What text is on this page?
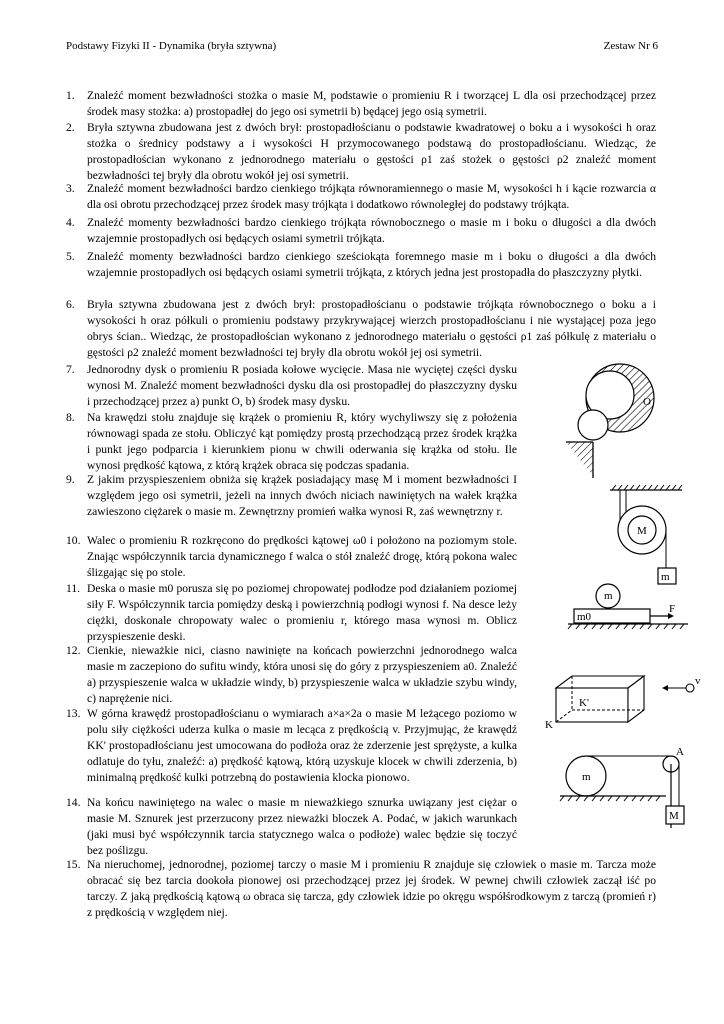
Podstawy Fizyki II - Dynamika (bryła sztywna)	Zestaw Nr 6
1. Znaleźć moment bezwładności stożka o masie M, podstawie o promieniu R i tworzącej L dla osi przechodzącej przez środek masy stożka: a) prostopadłej do jego osi symetrii b) będącej jego osią symetrii.
2. Bryła sztywna zbudowana jest z dwóch brył: prostopadłościanu o podstawie kwadratowej o boku a i wysokości h oraz stożka o średnicy podstawy a i wysokości H przymocowanego podstawą do prostopadłościanu. Wiedząc, że prostopadłościan wykonano z jednorodnego materiału o gęstości ρ1 zaś stożek o gęstości ρ2 znaleźć moment bezwładności tej bryły dla obrotu wokół jej osi symetrii.
3. Znaleźć moment bezwładności bardzo cienkiego trójkąta równoramiennego o masie M, wysokości h i kącie rozwarcia α dla osi obrotu przechodzącej przez środek masy trójkąta i dodatkowo równoległej do podstawy trójkąta.
4. Znaleźć momenty bezwładności bardzo cienkiego trójkąta równobocznego o masie m i boku o długości a dla dwóch wzajemnie prostopadłych osi będących osiami symetrii trójkąta.
5. Znaleźć momenty bezwładności bardzo cienkiego sześciokąta foremnego masie m i boku o długości a dla dwóch wzajemnie prostopadłych osi będących osiami symetrii trójkąta, z których jedna jest prostopadła do płaszczyzny płytki.
6. Bryła sztywna zbudowana jest z dwóch brył: prostopadłościanu o podstawie trójkąta równobocznego o boku a i wysokości h oraz półkuli o promieniu podstawy przykrywającej wierzch prostopadłościanu i nie wystającej poza jego obrys ścian.. Wiedząc, że prostopadłościan wykonano z jednorodnego materiału o gęstości ρ1 zaś półkulę z materiału o gęstości ρ2 znaleźć moment bezwładności tej bryły dla obrotu wokół jej osi symetrii.
7. Jednorodny dysk o promieniu R posiada kołowe wycięcie. Masa nie wyciętej części dysku wynosi M. Znaleźć moment bezwładności dysku dla osi prostopadłej do płaszczyzny dysku i przechodzącej przez a) punkt O, b) środek masy dysku.
8. Na krawędzi stołu znajduje się krążek o promieniu R, który wychyliwszy się z położenia równowagi spada ze stołu. Obliczyć kąt pomiędzy prostą przechodzącą przez środek krążka i punkt jego podparcia i kierunkiem pionu w chwili oderwania się krążka od stołu. Ile wynosi prędkość kątowa, z którą krążek obraca się podczas spadania.
9. Z jakim przyspieszeniem obniża się krążek posiadający masę M i moment bezwładności I względem jego osi symetrii, jeżeli na innych dwóch niciach nawiniętych na wałek krążka zawieszono ciężarek o masie m. Zewnętrzny promień wałka wynosi R, zaś wewnętrzny r.
10. Walec o promieniu R rozkręcono do prędkości kątowej ω0 i położono na poziomym stole. Znając współczynnik tarcia dynamicznego f walca o stół znaleźć drogę, którą pokona walec ślizgając się po stole.
11. Deska o masie m0 porusza się po poziomej chropowatej podłodze pod działaniem poziomej siły F. Współczynnik tarcia pomiędzy deską i powierzchnią podłogi wynosi f. Na desce leży ciężki, doskonale chropowaty walec o promieniu r, którego masa wynosi m. Oblicz przyspieszenie deski.
12. Cienkie, nieważkie nici, ciasno nawinięte na końcach powierzchni jednorodnego walca masie m zaczepiono do sufitu windy, która unosi się do góry z przyspieszeniem a0. Znaleźć a) przyspieszenie walca w układzie windy, b) przyspieszenie walca w układzie szybu windy, c) naprężenie nici.
13. W górna krawędź prostopadłościanu o wymiarach a×a×2a o masie M leżącego poziomo w polu siły ciężkości uderza kulka o masie m lecąca z prędkością v. Przyjmując, że krawędź KK' prostopadłościanu jest umocowana do podłoża oraz że zderzenie jest sprężyste, a kulka odlatuje do tyłu, znaleźć: a) prędkość kątową, którą uzyskuje klocek w chwili zderzenia, b) minimalną prędkość kulki potrzebną do postawienia klocka pionowo.
14. Na końcu nawiniętego na walec o masie m nieważkiego sznurka uwiązany jest ciężar o masie M. Sznurek jest przerzucony przez nieważki bloczek A. Podać, w jakich warunkach (jaki musi być współczynnik tarcia statycznego walca o podłoże) walec będzie się toczyć bez poślizgu.
15. Na nieruchomej, jednorodnej, poziomej tarczy o masie M i promieniu R znajduje się człowiek o masie m. Tarcza może obracać się bez tarcia dookoła pionowej osi przechodzącej przez jej środek. W pewnej chwili człowiek zaczął iść po tarczy. Z jaką prędkością kątową ω obraca się tarcza, gdy człowiek idzie po okręgu współśrodkowym z tarczą (promień r) z prędkością v względem niej.
O
M
m
m
m0
F
K'
K
v
m
A
M
